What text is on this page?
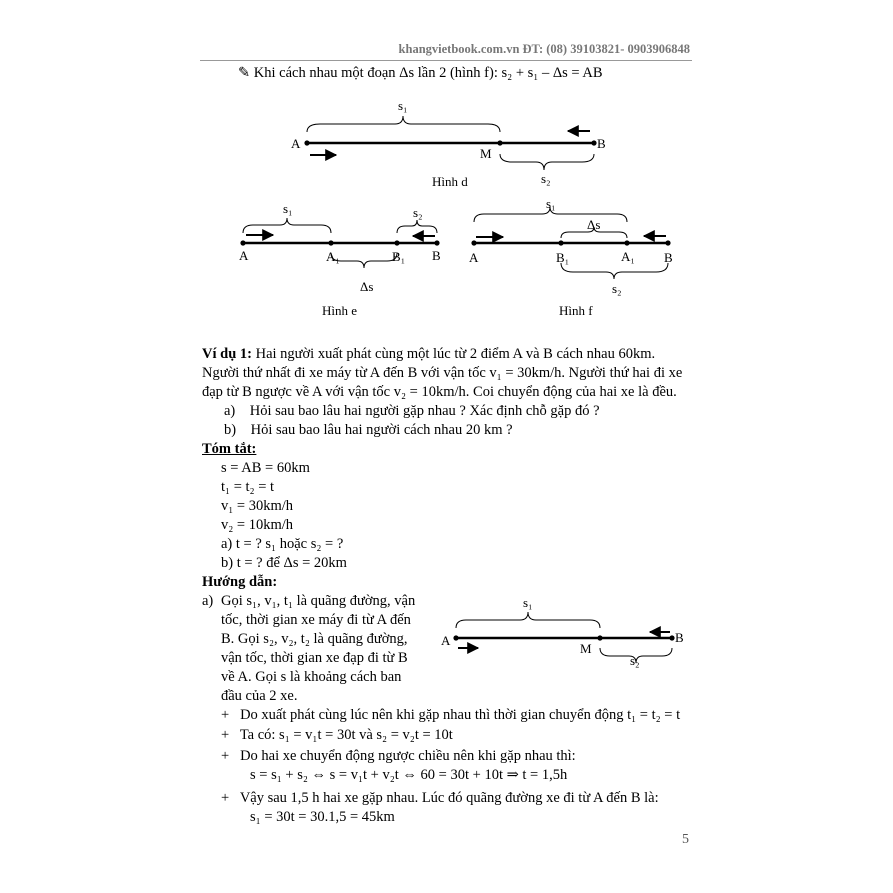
khangvietbook.com.vn ĐT: (08) 39103821- 0903906848
✎ Khi cách nhau một đoạn Δs lần 2 (hình f): s₂ + s₁ – Δs = AB
A	B
M
s₁
s₂
Hình d
A	A₁	B₁ B
s₁	s₂
Δs
Hình e
A	B₁	A₁ B
s₁
Δs
s₂
Hình f
A	B
M
s₁
s₂
Ví dụ 1: Hai người xuất phát cùng một lúc từ 2 điểm A và B cách nhau 60km.
Người thứ nhất đi xe máy từ A đến B với vận tốc v₁ = 30km/h. Người thứ hai đi xe
đạp từ B ngược về A với vận tốc v₂ = 10km/h. Coi chuyển động của hai xe là đều.
a) Hỏi sau bao lâu hai người gặp nhau ? Xác định chỗ gặp đó ?
b) Hỏi sau bao lâu hai người cách nhau 20 km ?
Tóm tắt:
s = AB = 60km
t₁ = t₂ = t
v₁ = 30km/h
v₂ = 10km/h
a) t = ? s₁ hoặc s₂ = ?
b) t = ? để Δs = 20km
Hướng dẫn:
a) Gọi s₁, v₁, t₁ là quãng đường, vận
tốc, thời gian xe máy đi từ A đến
B. Gọi s₂, v₂, t₂ là quãng đường,
vận tốc, thời gian xe đạp đi từ B
về A. Gọi s là khoảng cách ban
đầu của 2 xe.
+ Do xuất phát cùng lúc nên khi gặp nhau thì thời gian chuyển động t₁ = t₂ = t
+ Ta có: s₁ = v₁t = 30t và s₂ = v₂t = 10t
+ Do hai xe chuyển động ngược chiều nên khi gặp nhau thì:
s = s₁ + s₂ ⇔ s = v₁t + v₂t ⇔ 60 = 30t + 10t ⇒ t = 1,5h
+ Vậy sau 1,5 h hai xe gặp nhau. Lúc đó quãng đường xe đi từ A đến B là:
s₁ = 30t = 30.1,5 = 45km
5
